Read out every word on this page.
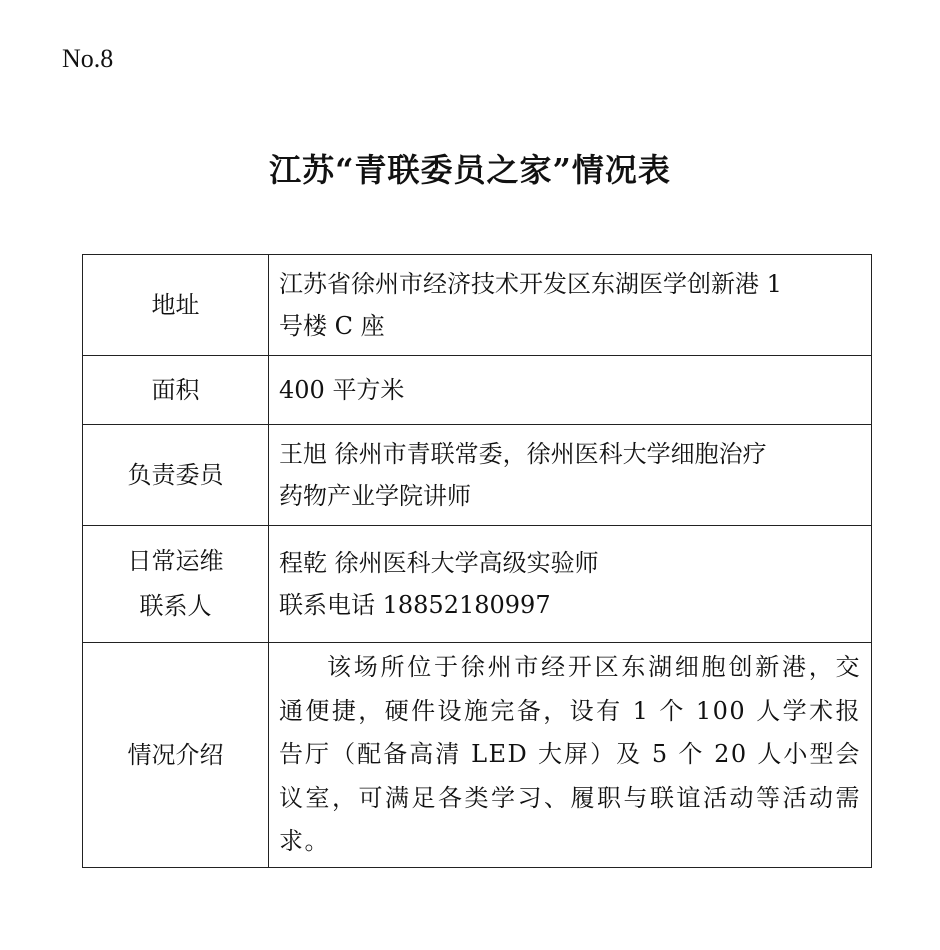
No.8
江苏“青联委员之家”情况表
地址	江苏省徐州市经济技术开发区东湖医学创新港 1
号楼 C 座

面积	400 平方米

负责委员	王旭 徐州市青联常委，徐州医科大学细胞治疗
药物产业学院讲师

日常运维
联系人	程乾 徐州医科大学高级实验师
联系电话 18852180997

情况介绍	该场所位于徐州市经开区东湖细胞创新港，交通便捷，硬件设施完备，设有 1 个 100 人学术报告厅（配备高清 LED 大屏）及 5 个 20 人小型会议室，可满足各类学习、履职与联谊活动等活动需求。
